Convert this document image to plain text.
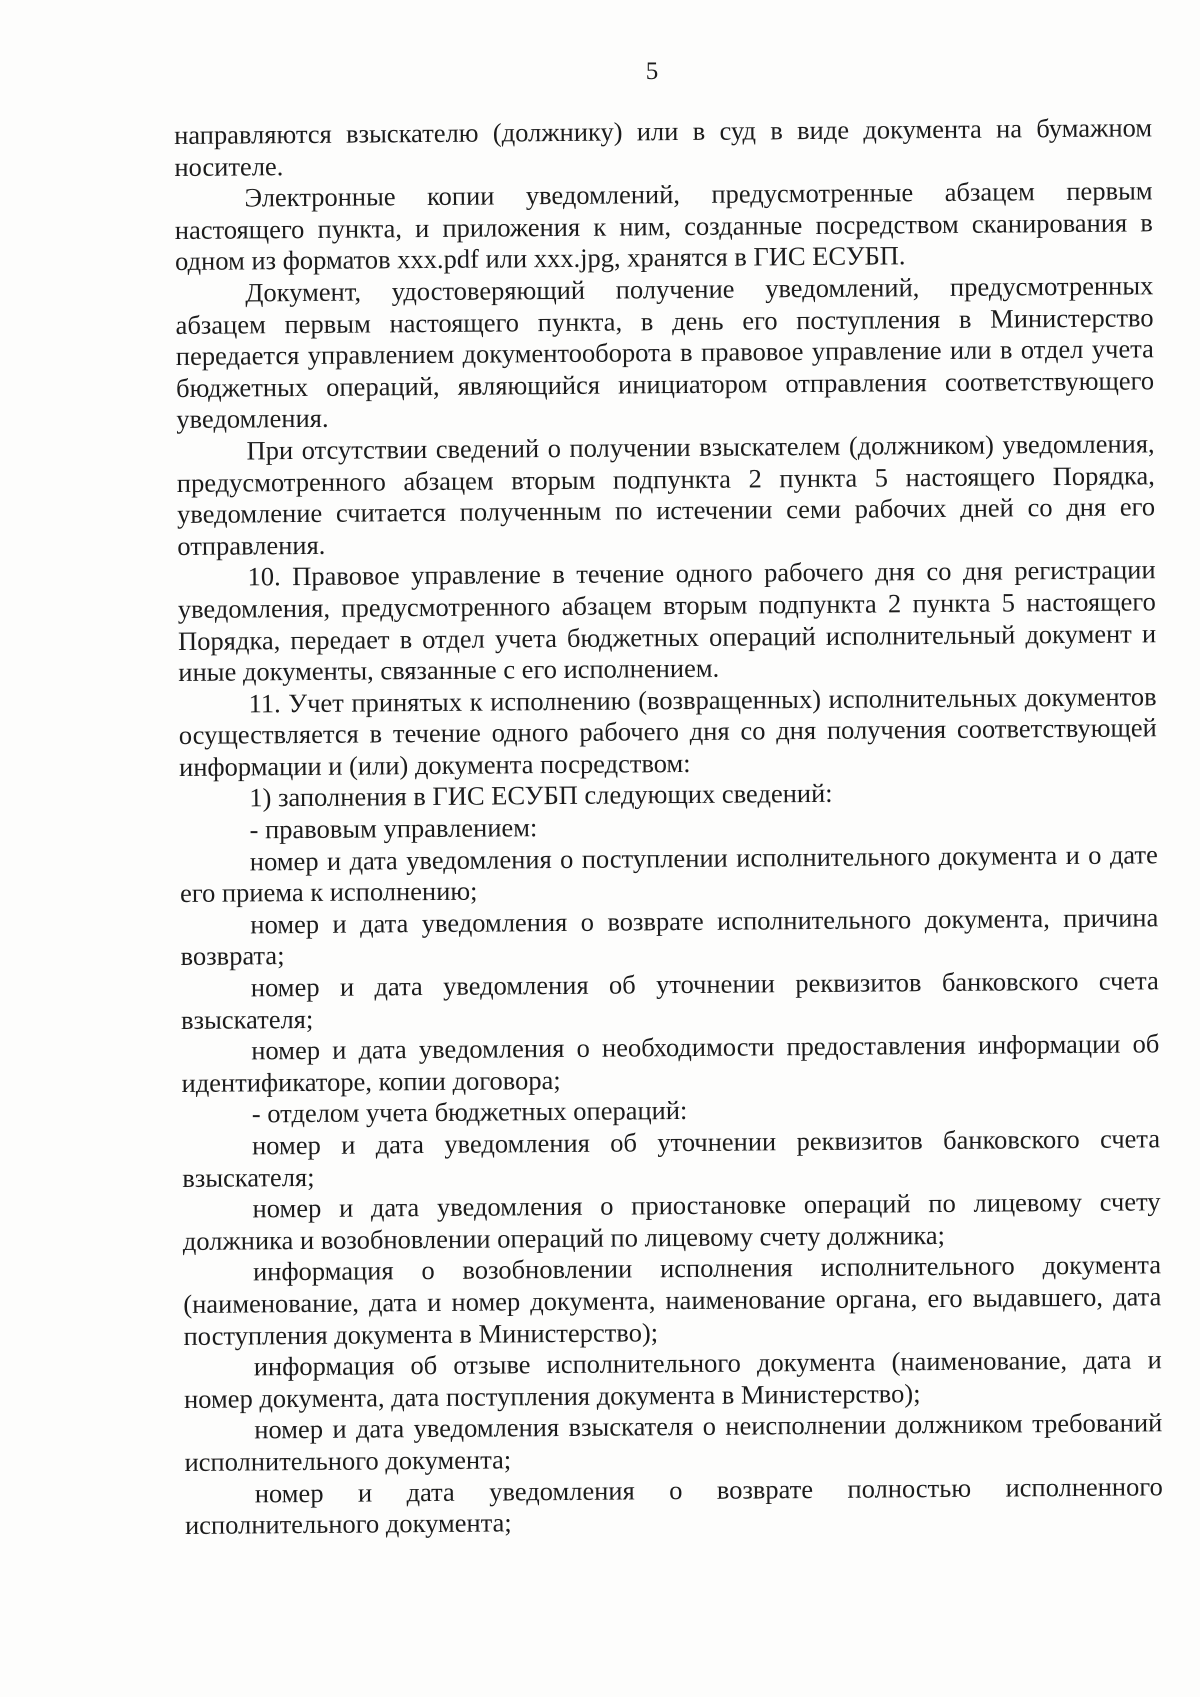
5

направляются взыскателю (должнику) или в суд в виде документа на бумажном носителе.

Электронные копии уведомлений, предусмотренные абзацем первым настоящего пункта, и приложения к ним, созданные посредством сканирования в одном из форматов xxx.pdf или xxx.jpg, хранятся в ГИС ЕСУБП.

Документ, удостоверяющий получение уведомлений, предусмотренных абзацем первым настоящего пункта, в день его поступления в Министерство передается управлением документооборота в правовое управление или в отдел учета бюджетных операций, являющийся инициатором отправления соответствующего уведомления.

При отсутствии сведений о получении взыскателем (должником) уведомления, предусмотренного абзацем вторым подпункта 2 пункта 5 настоящего Порядка, уведомление считается полученным по истечении семи рабочих дней со дня его отправления.

10. Правовое управление в течение одного рабочего дня со дня регистрации уведомления, предусмотренного абзацем вторым подпункта 2 пункта 5 настоящего Порядка, передает в отдел учета бюджетных операций исполнительный документ и иные документы, связанные с его исполнением.

11. Учет принятых к исполнению (возвращенных) исполнительных документов осуществляется в течение одного рабочего дня со дня получения соответствующей информации и (или) документа посредством:

1) заполнения в ГИС ЕСУБП следующих сведений:

- правовым управлением:

номер и дата уведомления о поступлении исполнительного документа и о дате его приема к исполнению;

номер и дата уведомления о возврате исполнительного документа, причина возврата;

номер и дата уведомления об уточнении реквизитов банковского счета взыскателя;

номер и дата уведомления о необходимости предоставления информации об идентификаторе, копии договора;

- отделом учета бюджетных операций:

номер и дата уведомления об уточнении реквизитов банковского счета взыскателя;

номер и дата уведомления о приостановке операций по лицевому счету должника и возобновлении операций по лицевому счету должника;

информация о возобновлении исполнения исполнительного документа (наименование, дата и номер документа, наименование органа, его выдавшего, дата поступления документа в Министерство);

информация об отзыве исполнительного документа (наименование, дата и номер документа, дата поступления документа в Министерство);

номер и дата уведомления взыскателя о неисполнении должником требований исполнительного документа;

номер и дата уведомления о возврате полностью исполненного исполнительного документа;
